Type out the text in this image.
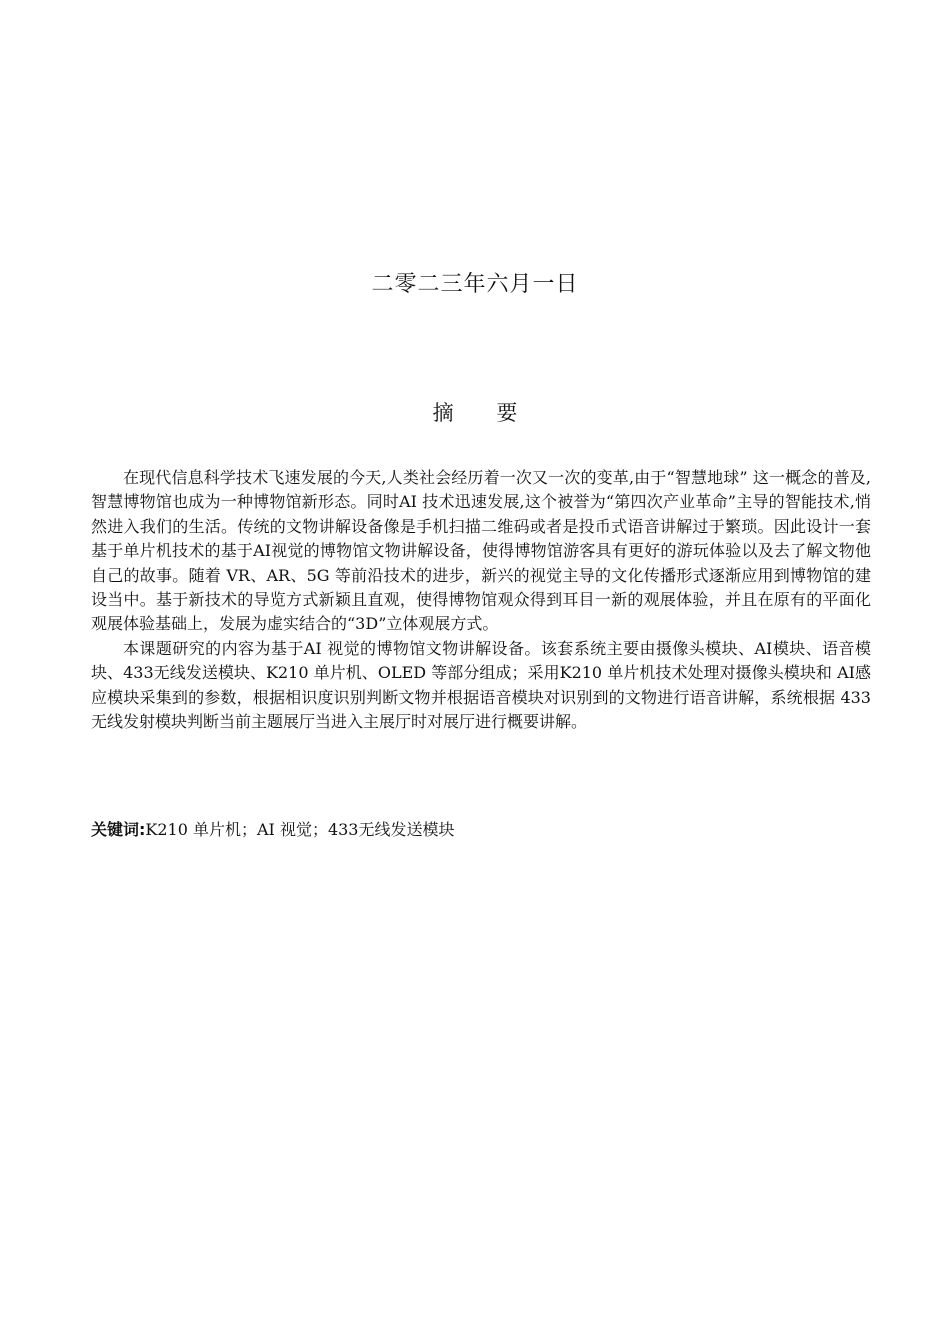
二零二三年六月一日
摘 要

在现代信息科学技术飞速发展的今天,人类社会经历着一次又一次的变革,由于“智慧地球” 这一概念的普及,智慧博物馆也成为一种博物馆新形态。同时AI 技术迅速发展,这个被誉为“第四次产业革命”主导的智能技术,悄然进入我们的生活。传统的文物讲解设备像是手机扫描二维码或者是投币式语音讲解过于繁琐。因此设计一套基于单片机技术的基于AI视觉的博物馆文物讲解设备，使得博物馆游客具有更好的游玩体验以及去了解文物他自己的故事。随着 VR、AR、5G 等前沿技术的进步，新兴的视觉主导的文化传播形式逐渐应用到博物馆的建设当中。基于新技术的导览方式新颖且直观，使得博物馆观众得到耳目一新的观展体验，并且在原有的平面化观展体验基础上，发展为虚实结合的“3D”立体观展方式。

本课题研究的内容为基于AI 视觉的博物馆文物讲解设备。该套系统主要由摄像头模块、AI模块、语音模块、433无线发送模块、K210 单片机、OLED 等部分组成；采用K210 单片机技术处理对摄像头模块和 AI感应模块采集到的参数，根据相识度识别判断文物并根据语音模块对识别到的文物进行语音讲解，系统根据 433无线发射模块判断当前主题展厅当进入主展厅时对展厅进行概要讲解。

关键词:K210 单片机；AI 视觉；433无线发送模块
